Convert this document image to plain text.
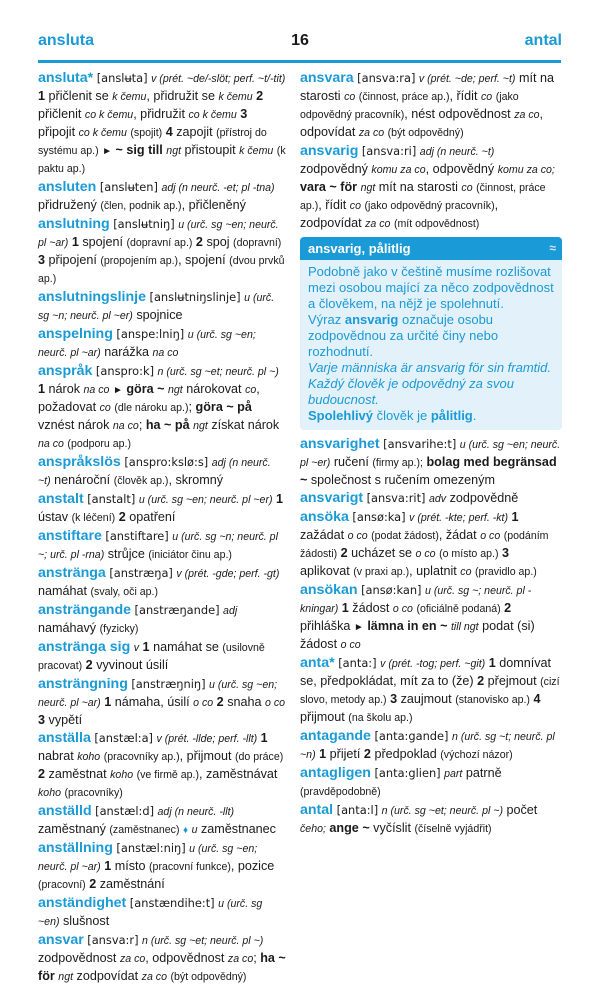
ansluta	16	antal
ansluta* [anslʉta] v (prét. ~de/-slöt; perf. ~t/-tit) 1 přičlenit se k čemu, přidružit se k čemu 2 přičlenit co k čemu, přidružit co k čemu 3 připojit co k čemu (spojit) 4 zapojit (přístroj do systému ap.) ► ~ sig till ngt přistoupit k čemu (k paktu ap.)
ansluten [anslʉten] adj (n neurč. -et; pl -tna) přidružený (člen, podnik ap.), přičleněný
anslutning [anslʉtniŋ] u (urč. sg ~en; neurč. pl ~ar) 1 spojení (dopravní ap.) 2 spoj (dopravní) 3 připojení (propojením ap.), spojení (dvou prvků ap.)
anslutningslinje [anslʉtniŋslinje] u (urč. sg ~n; neurč. pl ~er) spojnice
anspelning [anspe:lniŋ] u (urč. sg ~en; neurč. pl ~ar) narážka na co
anspråk [anspro:k] n (urč. sg ~et; neurč. pl ~) 1 nárok na co ► göra ~ ngt nárokovat co, požadovat co (dle nároku ap.); göra ~ på vznést nárok na co; ha ~ på ngt získat nárok na co (podporu ap.)
anspråkslös [anspro:kslø:s] adj (n neurč. ~t) nenároční (člověk ap.), skromný
anstalt [anstalt] u (urč. sg ~en; neurč. pl ~er) 1 ústav (k léčení) 2 opatření
anstiftare [anstiftare] u (urč. sg ~n; neurč. pl ~; urč. pl -rna) strůjce (iniciátor činu ap.)
anstränga [anstræŋa] v (prét. -gde; perf. -gt) namáhat (svaly, oči ap.)
ansträngande [anstræŋande] adj namáhavý (fyzicky)
anstränga sig v 1 namáhat se (usilovně pracovat) 2 vyvinout úsilí
ansträngning [anstræŋniŋ] u (urč. sg ~en; neurč. pl ~ar) 1 námaha, úsilí o co 2 snaha o co 3 vypětí
anställa [anstæl:a] v (prét. -llde; perf. -llt) 1 nabrat koho (pracovníky ap.), přijmout (do práce) 2 zaměstnat koho (ve firmě ap.), zaměstnávat koho (pracovníky)
anställd [anstæl:d] adj (n neurč. -llt) zaměstnaný (zaměstnanec) ♦ u zaměstnanec
anställning [anstæl:niŋ] u (urč. sg ~en; neurč. pl ~ar) 1 místo (pracovní funkce), pozice (pracovní) 2 zaměstnání
anständighet [anstændihe:t] u (urč. sg ~en) slušnost
ansvar [ansva:r] n (urč. sg ~et; neurč. pl ~) zodpovědnost za co, odpovědnost za co; ha ~ för ngt zodpovídat za co (být odpovědný)
ansvara [ansva:ra] v (prét. ~de; perf. ~t) mít na starosti co (činnost, práce ap.), řídit co (jako odpovědný pracovník), nést odpovědnost za co, odpovídat za co (být odpovědný)
ansvarig [ansva:ri] adj (n neurč. ~t) zodpovědný komu za co, odpovědný komu za co; vara ~ för ngt mít na starosti co (činnost, práce ap.), řídit co (jako odpovědný pracovník), zodpovídat za co (mít odpovědnost)
ansvarig, pålitlig	≈
Podobně jako v češtině musíme rozlišovat mezi osobou mající za něco zodpovědnost a člověkem, na nějž je spolehnutí.
Výraz ansvarig označuje osobu zodpovědnou za určité činy nebo rozhodnutí.
Varje människa är ansvarig för sin framtid. Každý člověk je odpovědný za svou budoucnost.
Spolehlivý člověk je pålitlig.
ansvarighet [ansvarihe:t] u (urč. sg ~en; neurč. pl ~er) ručení (firmy ap.); bolag med begränsad ~ společnost s ručením omezeným
ansvarigt [ansva:rit] adv zodpovědně
ansöka [ansø:ka] v (prét. -kte; perf. -kt) 1 zažádat o co (podat žádost), žádat o co (podáním žádosti) 2 ucházet se o co (o místo ap.) 3 aplikovat (v praxi ap.), uplatnit co (pravidlo ap.)
ansökan [ansø:kan] u (urč. sg ~; neurč. pl -kningar) 1 žádost o co (oficiálně podaná) 2 přihláška ► lämna in en ~ till ngt podat (si) žádost o co
anta* [anta:] v (prét. -tog; perf. ~git) 1 domnívat se, předpokládat, mít za to (že) 2 přejmout (cizí slovo, metody ap.) 3 zaujmout (stanovisko ap.) 4 přijmout (na školu ap.)
antagande [anta:gande] n (urč. sg ~t; neurč. pl ~n) 1 přijetí 2 předpoklad (výchozí názor)
antagligen [anta:glien] part patrně (pravděpodobně)
antal [anta:l] n (urč. sg ~et; neurč. pl ~) počet čeho; ange ~ vyčíslit (číselně vyjádřit)
